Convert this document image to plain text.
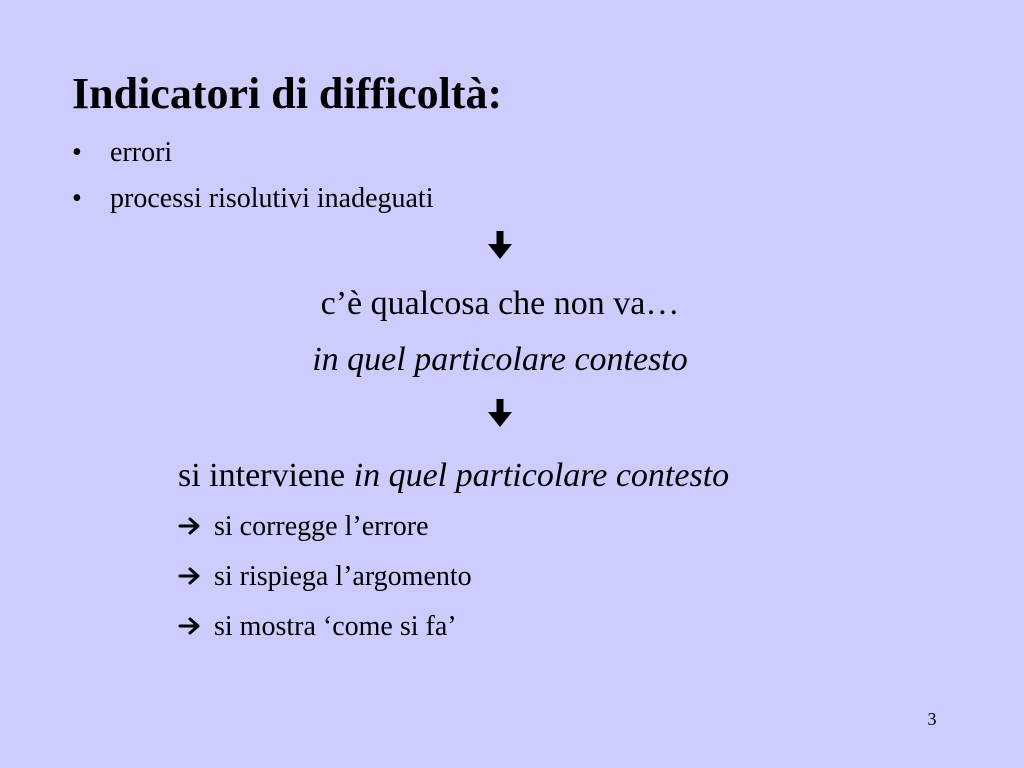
Indicatori di difficoltà:
•	errori
•	processi risolutivi inadeguati
c’è qualcosa che non va…
in quel particolare contesto
si interviene in quel particolare contesto
si corregge l’errore
si rispiega l’argomento
si mostra ‘come si fa’
3
